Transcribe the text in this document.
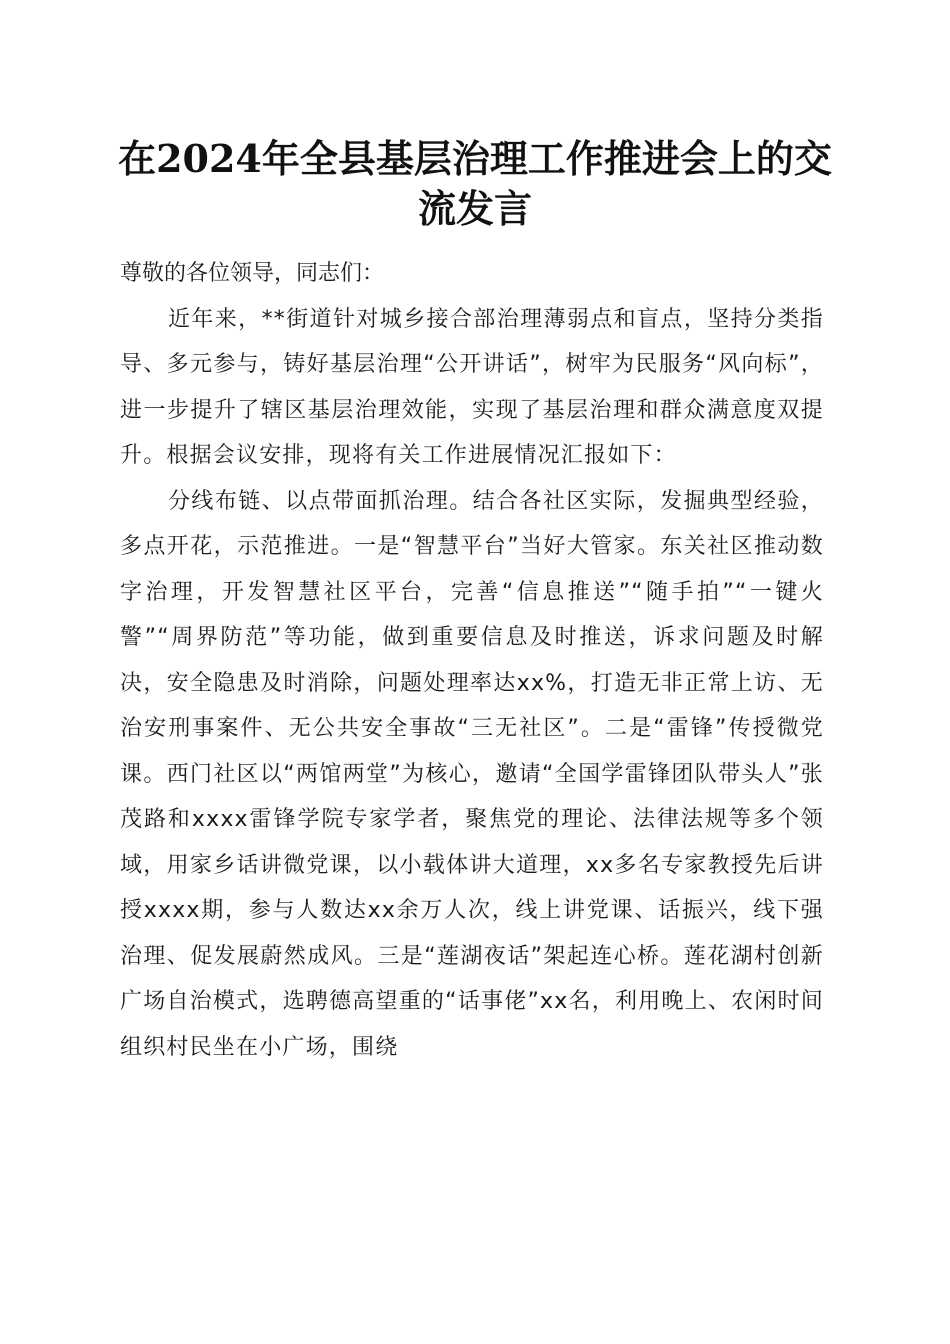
在2024年全县基层治理工作推进会上的交流发言

尊敬的各位领导，同志们：

近年来，**街道针对城乡接合部治理薄弱点和盲点，坚持分类指导、多元参与，铸好基层治理“公开讲话”，树牢为民服务“风向标”，进一步提升了辖区基层治理效能，实现了基层治理和群众满意度双提升。根据会议安排，现将有关工作进展情况汇报如下：

分线布链、以点带面抓治理。结合各社区实际，发掘典型经验，多点开花，示范推进。一是“智慧平台”当好大管家。东关社区推动数字治理，开发智慧社区平台，完善“信息推送”“随手拍”“一键火警”“周界防范”等功能，做到重要信息及时推送，诉求问题及时解决，安全隐患及时消除，问题处理率达xx%，打造无非正常上访、无治安刑事案件、无公共安全事故“三无社区”。二是“雷锋”传授微党课。西门社区以“两馆两堂”为核心，邀请“全国学雷锋团队带头人”张茂路和xxxx雷锋学院专家学者，聚焦党的理论、法律法规等多个领域，用家乡话讲微党课，以小载体讲大道理，xx多名专家教授先后讲授xxxx期，参与人数达xx余万人次，线上讲党课、话振兴，线下强治理、促发展蔚然成风。三是“莲湖夜话”架起连心桥。莲花湖村创新广场自治模式，选聘德高望重的“话事佬”xx名，利用晚上、农闲时间组织村民坐在小广场，围绕
